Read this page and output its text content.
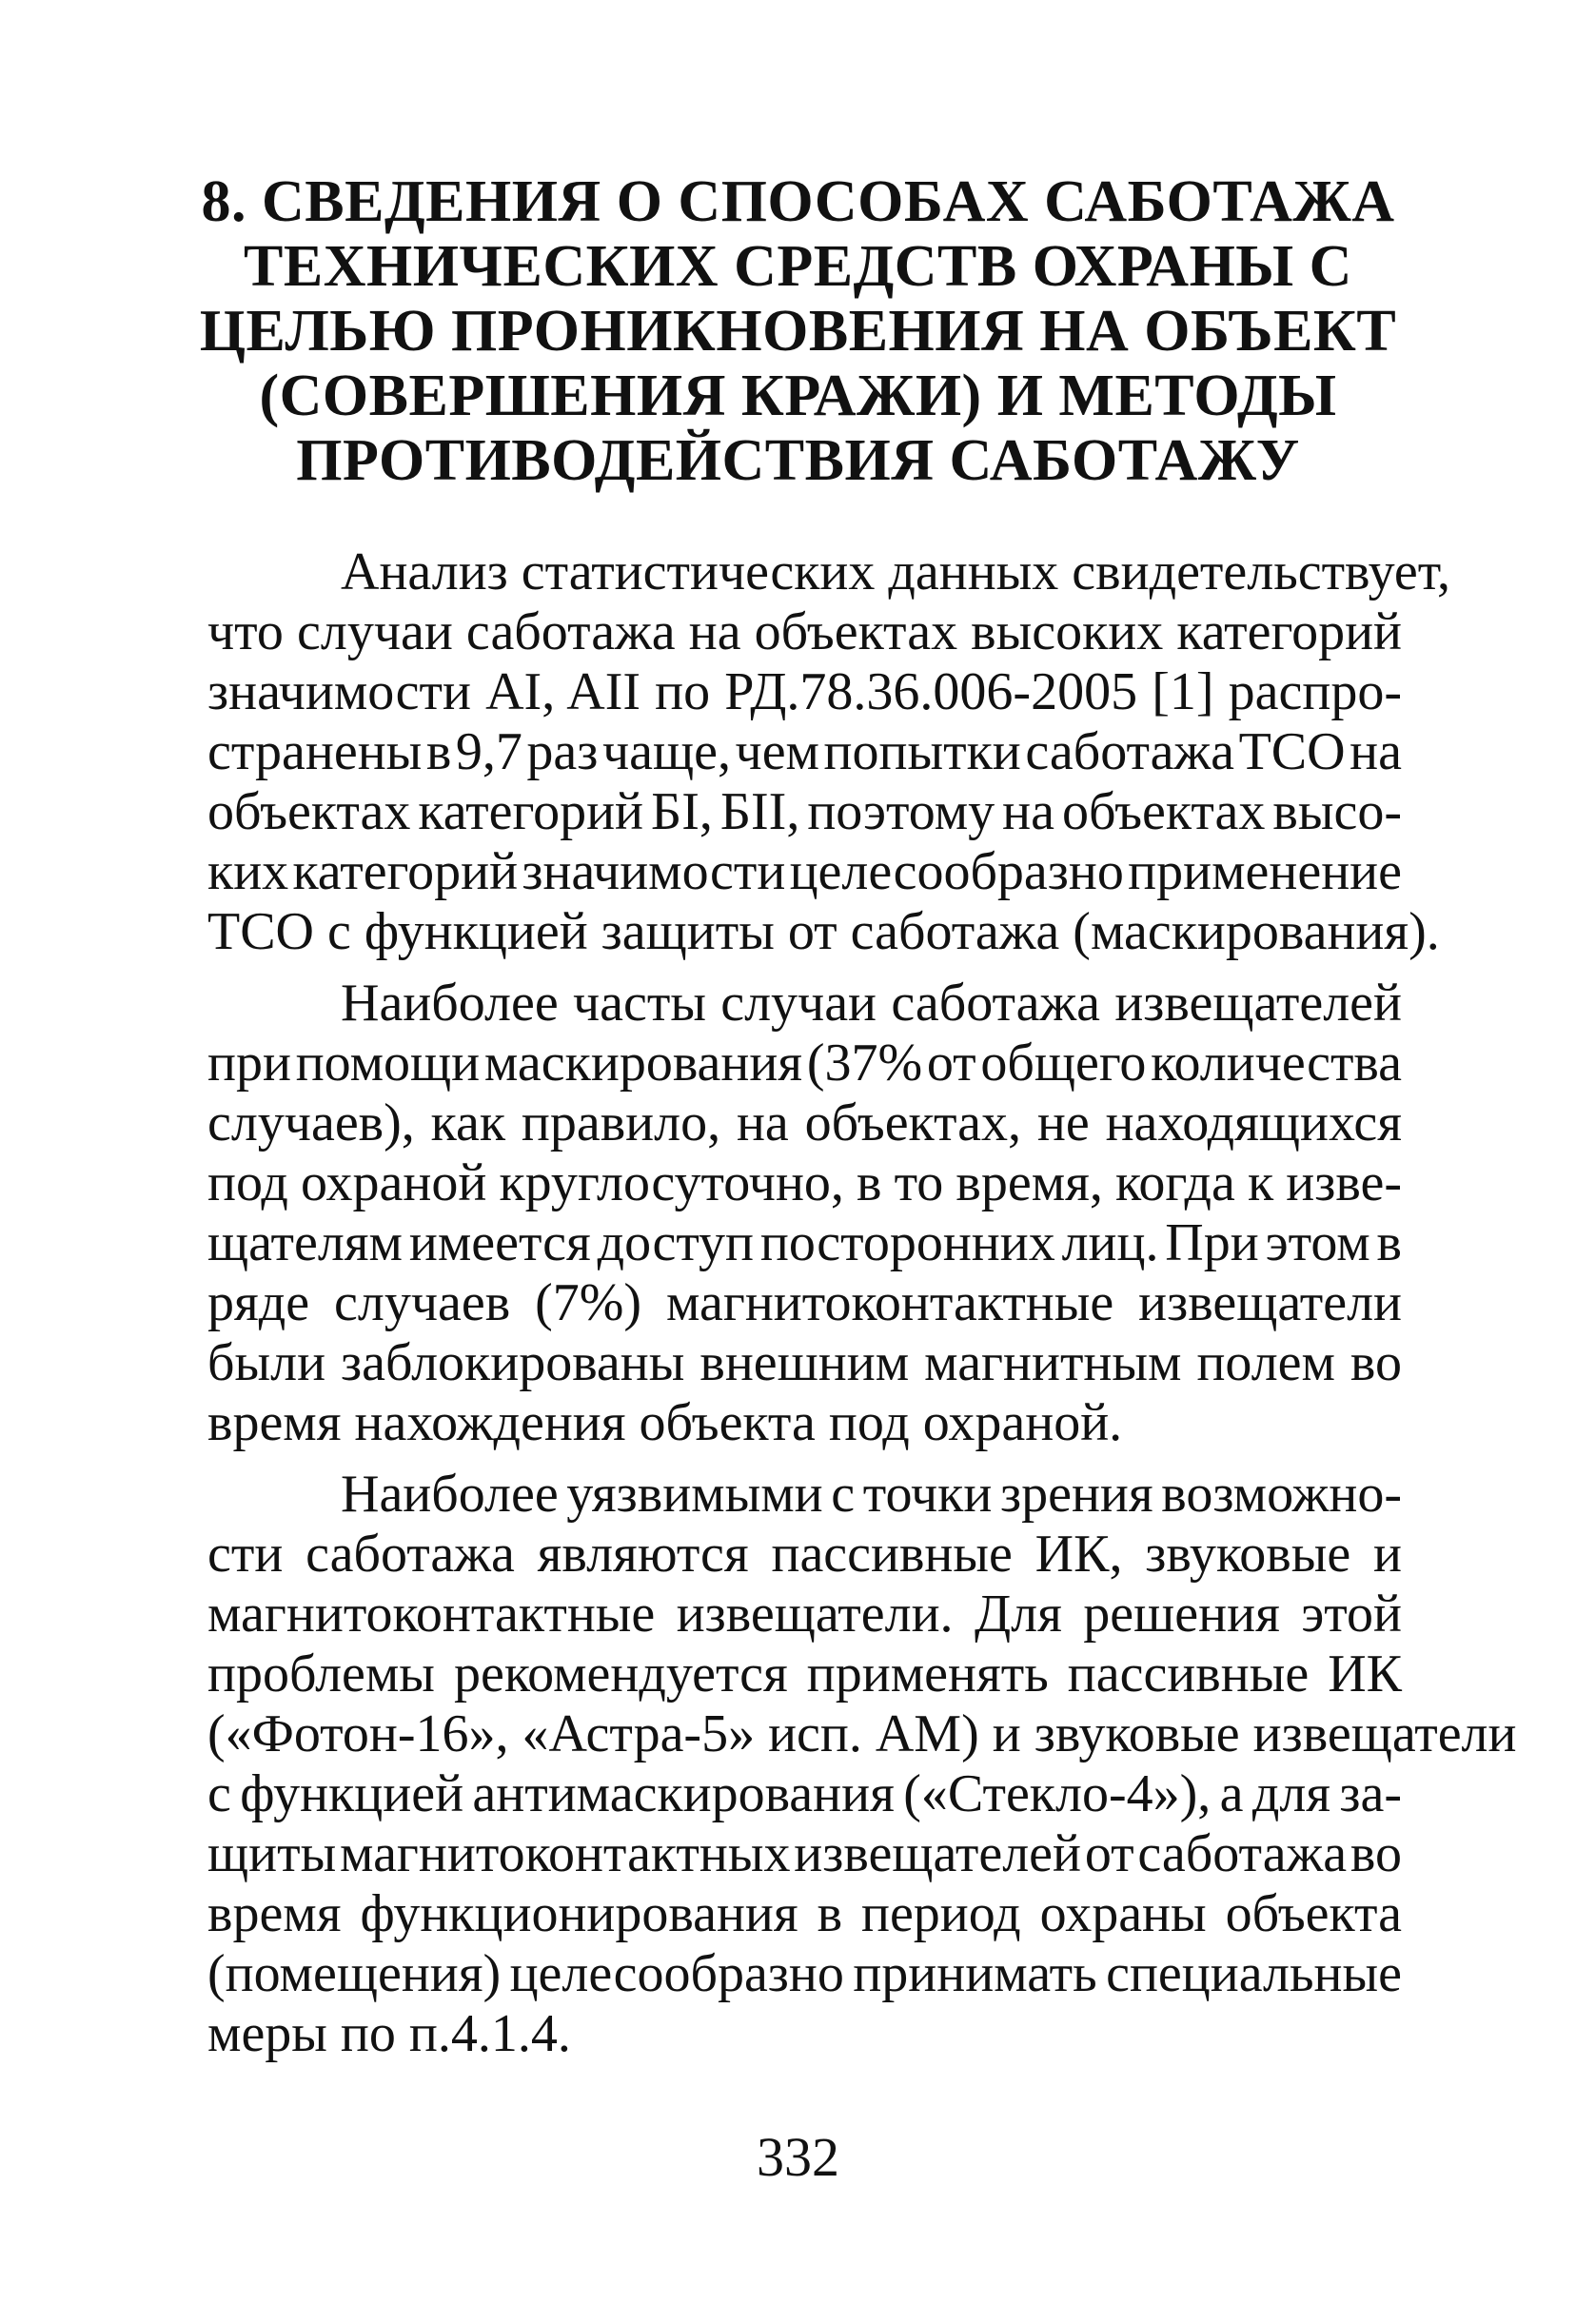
8. СВЕДЕНИЯ О СПОСОБАХ САБОТАЖА
ТЕХНИЧЕСКИХ СРЕДСТВ ОХРАНЫ С
ЦЕЛЬЮ ПРОНИКНОВЕНИЯ НА ОБЪЕКТ
(СОВЕРШЕНИЯ КРАЖИ) И МЕТОДЫ
ПРОТИВОДЕЙСТВИЯ САБОТАЖУ

Анализ статистических данных свидетельствует,
что случаи саботажа на объектах высоких категорий
значимости AI, AII по РД.78.36.006-2005 [1] распро-
странены в 9,7 раз чаще, чем попытки саботажа ТСО на
объектах категорий БI, БII, поэтому на объектах высо-
ких категорий значимости целесообразно применение
ТСО с функцией защиты от саботажа (маскирования).

Наиболее часты случаи саботажа извещателей
при помощи маскирования (37% от общего количества
случаев), как правило, на объектах, не находящихся
под охраной круглосуточно, в то время, когда к изве-
щателям имеется доступ посторонних лиц. При этом в
ряде случаев (7%) магнитоконтактные извещатели
были заблокированы внешним магнитным полем во
время нахождения объекта под охраной.

Наиболее уязвимыми с точки зрения возможно-
сти саботажа являются пассивные ИК, звуковые и
магнитоконтактные извещатели. Для решения этой
проблемы рекомендуется применять пассивные ИК
(«Фотон-16», «Астра-5» исп. AM) и звуковые извещатели
с функцией антимаскирования («Стекло-4»), а для за-
щиты магнитоконтактных извещателей от саботажа во
время функционирования в период охраны объекта
(помещения) целесообразно принимать специальные
меры по п.4.1.4.

332
